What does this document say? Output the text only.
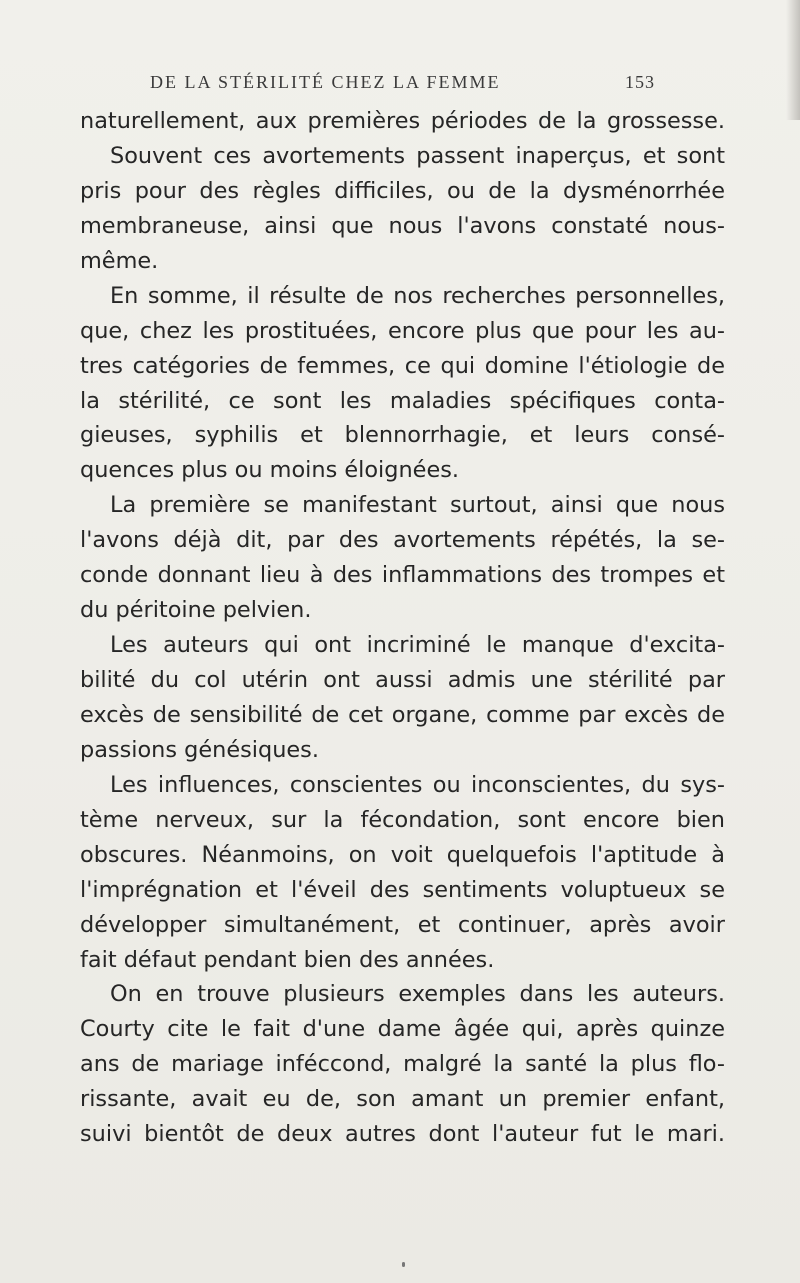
DE LA STÉRILITÉ CHEZ LA FEMME	153
naturellement, aux premières périodes de la grossesse.
Souvent ces avortements passent inaperçus, et sont
pris pour des règles difficiles, ou de la dysménorrhée
membraneuse, ainsi que nous l'avons constaté nous-
même.
En somme, il résulte de nos recherches personnelles,
que, chez les prostituées, encore plus que pour les au-
tres catégories de femmes, ce qui domine l'étiologie de
la stérilité, ce sont les maladies spécifiques conta-
gieuses, syphilis et blennorrhagie, et leurs consé-
quences plus ou moins éloignées.
La première se manifestant surtout, ainsi que nous
l'avons déjà dit, par des avortements répétés, la se-
conde donnant lieu à des inflammations des trompes et
du péritoine pelvien.
Les auteurs qui ont incriminé le manque d'excita-
bilité du col utérin ont aussi admis une stérilité par
excès de sensibilité de cet organe, comme par excès de
passions génésiques.
Les influences, conscientes ou inconscientes, du sys-
tème nerveux, sur la fécondation, sont encore bien
obscures. Néanmoins, on voit quelquefois l'aptitude à
l'imprégnation et l'éveil des sentiments voluptueux se
développer simultanément, et continuer, après avoir
fait défaut pendant bien des années.
On en trouve plusieurs exemples dans les auteurs.
Courty cite le fait d'une dame âgée qui, après quinze
ans de mariage inféccond, malgré la santé la plus flo-
rissante, avait eu de, son amant un premier enfant,
suivi bientôt de deux autres dont l'auteur fut le mari.
